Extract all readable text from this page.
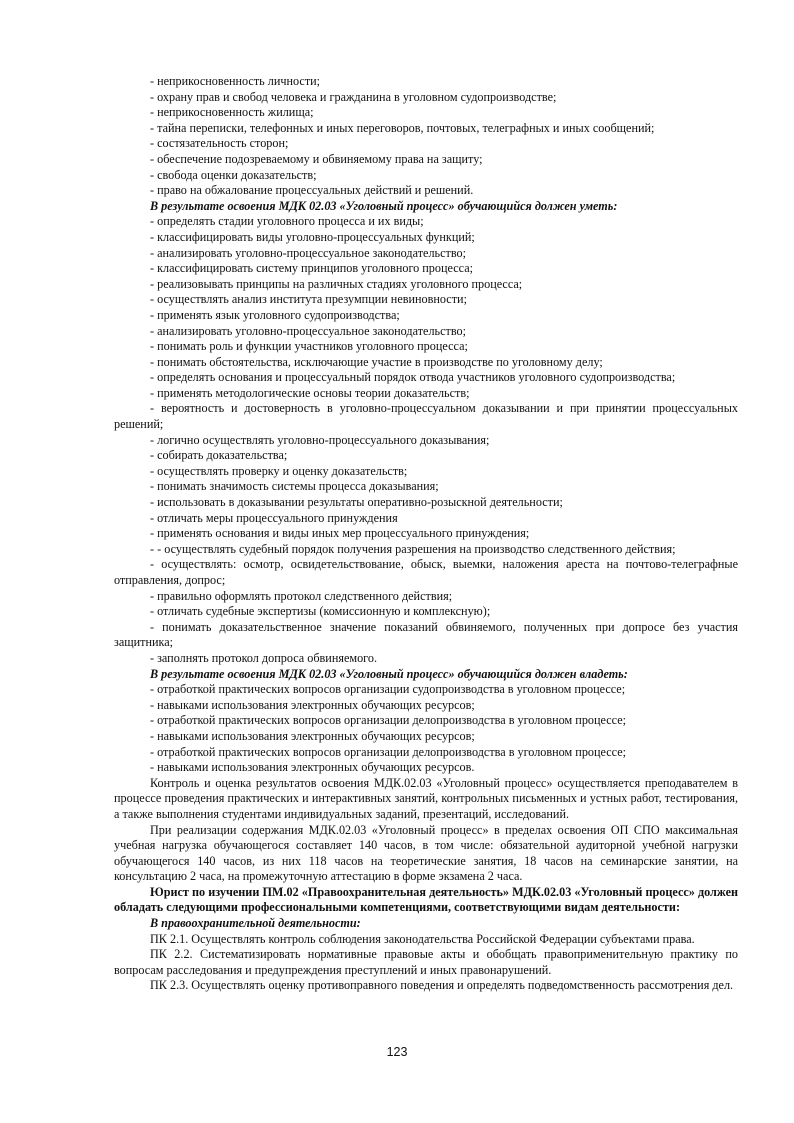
- неприкосновенность личности;

- охрану прав и свобод человека и гражданина в уголовном судопроизводстве;

- неприкосновенность жилища;

- тайна переписки, телефонных и иных переговоров, почтовых, телеграфных и иных сообщений;

- состязательность сторон;

- обеспечение подозреваемому и обвиняемому права на защиту;

- свобода оценки доказательств;

- право на обжалование процессуальных действий и решений.

В результате освоения МДК 02.03 «Уголовный процесс» обучающийся должен уметь:

- определять стадии уголовного процесса и их виды;

- классифицировать виды уголовно-процессуальных функций;

- анализировать уголовно-процессуальное законодательство;

- классифицировать систему принципов уголовного процесса;

- реализовывать принципы на различных стадиях уголовного процесса;

- осуществлять анализ института презумпции невиновности;

- применять язык уголовного судопроизводства;

- анализировать уголовно-процессуальное законодательство;

- понимать роль и функции участников уголовного процесса;

- понимать обстоятельства, исключающие участие в производстве по уголовному делу;

- определять основания и процессуальный порядок отвода участников уголовного судопроизводства;

- применять методологические основы теории доказательств;

- вероятность и достоверность в уголовно-процессуальном доказывании и при принятии процессуальных решений;

- логично осуществлять уголовно-процессуального доказывания;

- собирать доказательства;

- осуществлять проверку и оценку доказательств;

- понимать значимость системы процесса доказывания;

- использовать в доказывании результаты оперативно-розыскной деятельности;

- отличать меры процессуального принуждения

- применять основания и виды иных мер процессуального принуждения;

- - осуществлять судебный порядок получения разрешения на производство следственного действия;

- осуществлять: осмотр, освидетельствование, обыск, выемки, наложения ареста на почтово-телеграфные отправления, допрос;

- правильно оформлять протокол следственного действия;

- отличать судебные экспертизы (комиссионную и комплексную);

- понимать доказательственное значение показаний обвиняемого, полученных при допросе без участия защитника;

- заполнять протокол допроса обвиняемого.

В результате освоения МДК 02.03 «Уголовный процесс» обучающийся должен владеть:

- отработкой практических вопросов организации судопроизводства в уголовном процессе;

- навыками использования электронных обучающих ресурсов;

- отработкой практических вопросов организации делопроизводства в уголовном процессе;

- навыками использования электронных обучающих ресурсов;

- отработкой практических вопросов организации делопроизводства в уголовном процессе;

- навыками использования электронных обучающих ресурсов.

Контроль и оценка результатов освоения МДК.02.03 «Уголовный процесс» осуществляется преподавателем в процессе проведения практических и интерактивных занятий, контрольных письменных и устных работ, тестирования, а также выполнения студентами индивидуальных заданий, презентаций, исследований.

При реализации содержания МДК.02.03 «Уголовный процесс» в пределах освоения ОП СПО максимальная учебная нагрузка обучающегося составляет 140 часов, в том числе: обязательной аудиторной учебной нагрузки обучающегося 140 часов, из них 118 часов на теоретические занятия, 18 часов на семинарские занятии, на консультацию 2 часа, на промежуточную аттестацию в форме экзамена 2 часа.

Юрист по изучении ПМ.02 «Правоохранительная деятельность» МДК.02.03 «Уголовный процесс» должен обладать следующими профессиональными компетенциями, соответствующими видам деятельности:

В правоохранительной деятельности:

ПК 2.1. Осуществлять контроль соблюдения законодательства Российской Федерации субъектами права.

ПК 2.2. Систематизировать нормативные правовые акты и обобщать правоприменительную практику по вопросам расследования и предупреждения преступлений и иных правонарушений.

ПК 2.3. Осуществлять оценку противоправного поведения и определять подведомственность рассмотрения дел.

123
